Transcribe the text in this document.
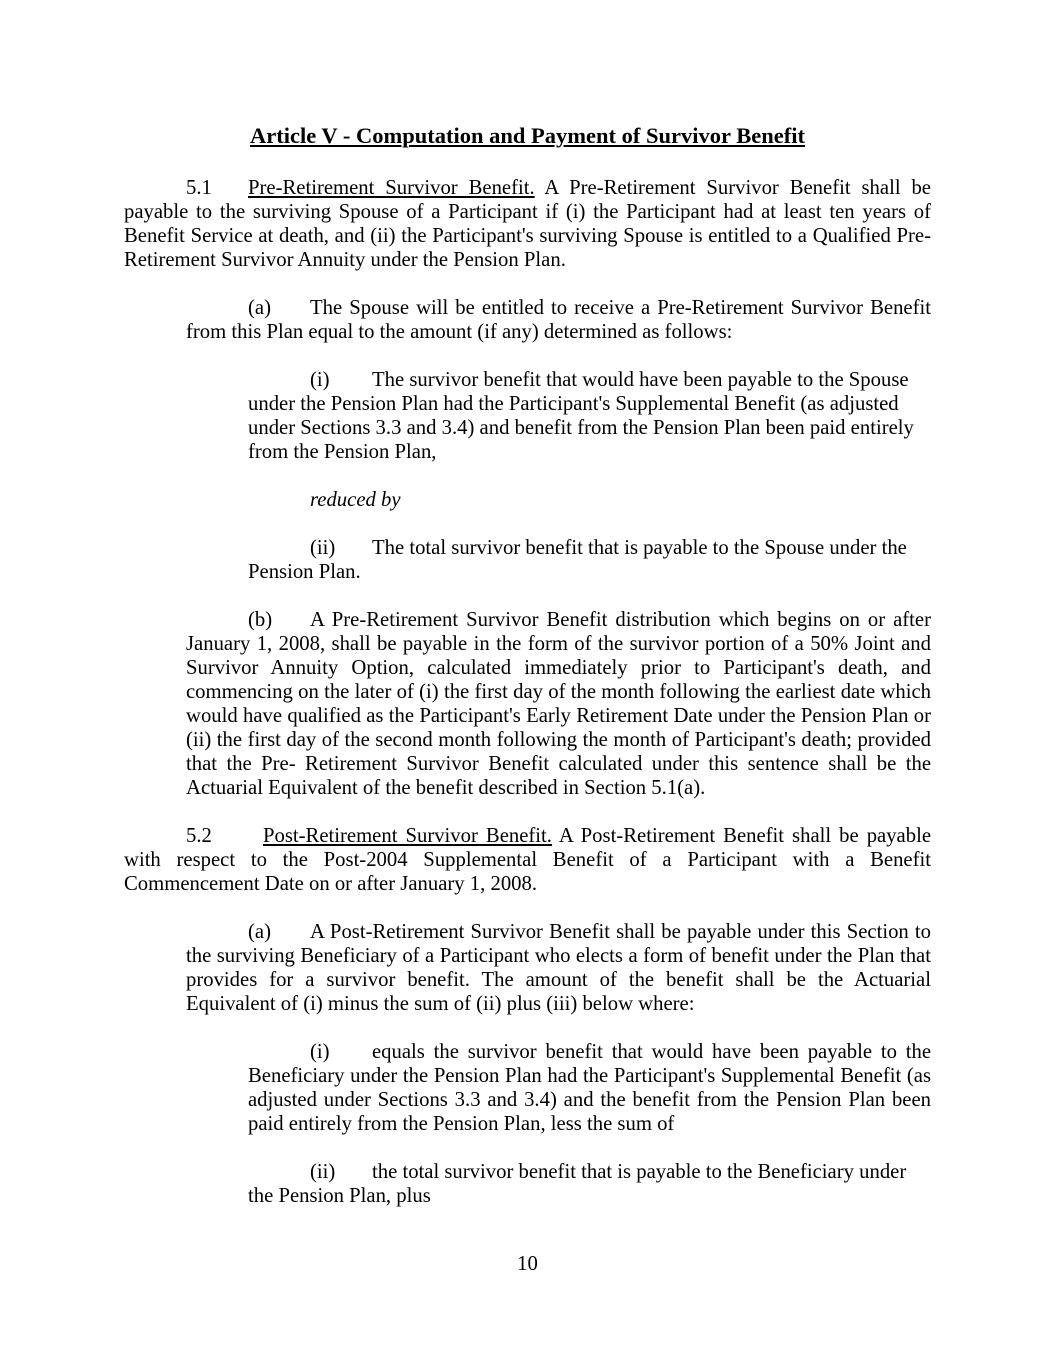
Article V - Computation and Payment of Survivor Benefit

5.1 Pre-Retirement Survivor Benefit. A Pre-Retirement Survivor Benefit shall be payable to the surviving Spouse of a Participant if (i) the Participant had at least ten years of Benefit Service at death, and (ii) the Participant's surviving Spouse is entitled to a Qualified Pre- Retirement Survivor Annuity under the Pension Plan.

(a) The Spouse will be entitled to receive a Pre-Retirement Survivor Benefit from this Plan equal to the amount (if any) determined as follows:

(i) The survivor benefit that would have been payable to the Spouse under the Pension Plan had the Participant's Supplemental Benefit (as adjusted under Sections 3.3 and 3.4) and benefit from the Pension Plan been paid entirely from the Pension Plan,

reduced by

(ii) The total survivor benefit that is payable to the Spouse under the Pension Plan.

(b) A Pre-Retirement Survivor Benefit distribution which begins on or after January 1, 2008, shall be payable in the form of the survivor portion of a 50% Joint and Survivor Annuity Option, calculated immediately prior to Participant's death, and commencing on the later of (i) the first day of the month following the earliest date which would have qualified as the Participant's Early Retirement Date under the Pension Plan or (ii) the first day of the second month following the month of Participant's death; provided that the Pre- Retirement Survivor Benefit calculated under this sentence shall be the Actuarial Equivalent of the benefit described in Section 5.1(a).

5.2 Post-Retirement Survivor Benefit. A Post-Retirement Benefit shall be payable with respect to the Post-2004 Supplemental Benefit of a Participant with a Benefit Commencement Date on or after January 1, 2008.

(a) A Post-Retirement Survivor Benefit shall be payable under this Section to the surviving Beneficiary of a Participant who elects a form of benefit under the Plan that provides for a survivor benefit. The amount of the benefit shall be the Actuarial Equivalent of (i) minus the sum of (ii) plus (iii) below where:

(i) equals the survivor benefit that would have been payable to the Beneficiary under the Pension Plan had the Participant's Supplemental Benefit (as adjusted under Sections 3.3 and 3.4) and the benefit from the Pension Plan been paid entirely from the Pension Plan, less the sum of

(ii) the total survivor benefit that is payable to the Beneficiary under the Pension Plan, plus

10
